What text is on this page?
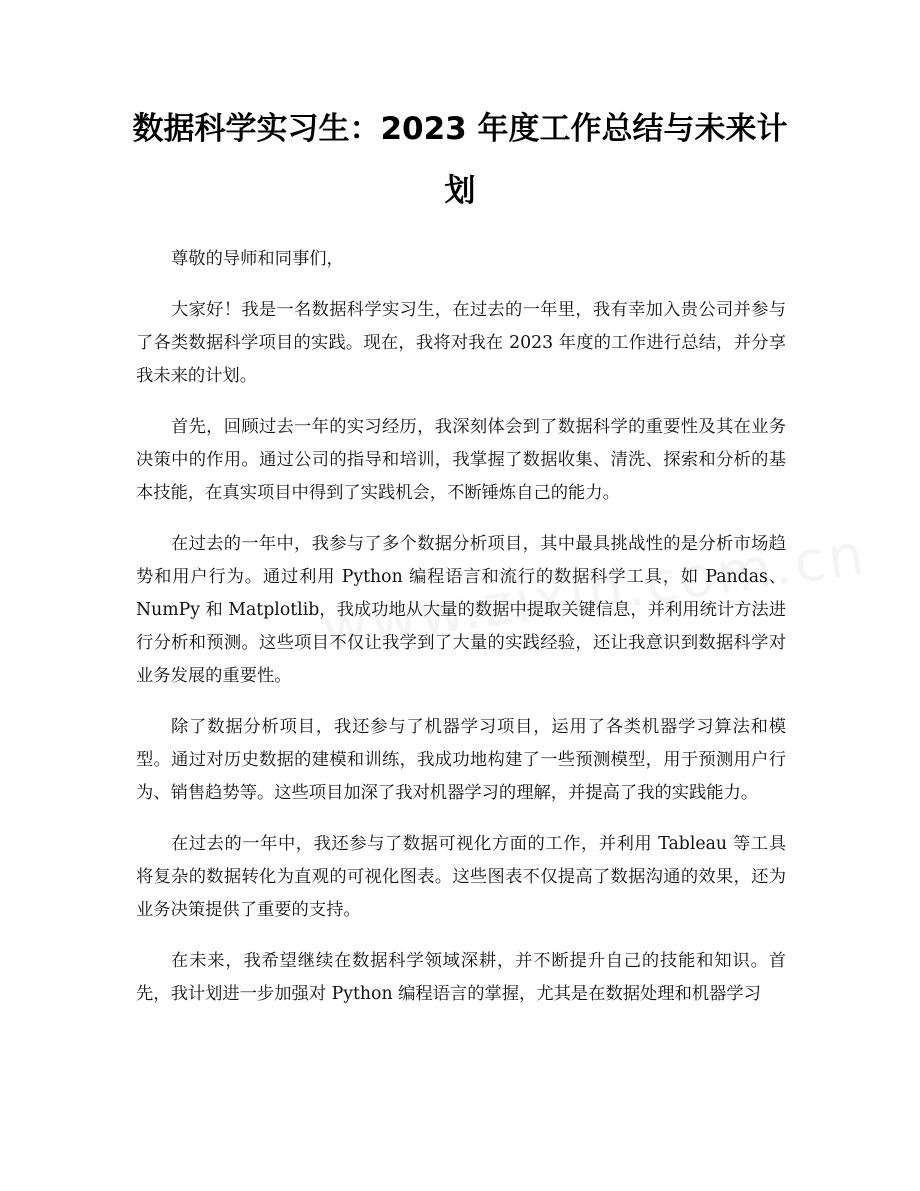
数据科学实习生：2023 年度工作总结与未来计划

尊敬的导师和同事们，

大家好！我是一名数据科学实习生，在过去的一年里，我有幸加入贵公司并参与了各类数据科学项目的实践。现在，我将对我在 2023 年度的工作进行总结，并分享我未来的计划。

首先，回顾过去一年的实习经历，我深刻体会到了数据科学的重要性及其在业务决策中的作用。通过公司的指导和培训，我掌握了数据收集、清洗、探索和分析的基本技能，在真实项目中得到了实践机会，不断锤炼自己的能力。

在过去的一年中，我参与了多个数据分析项目，其中最具挑战性的是分析市场趋势和用户行为。通过利用 Python 编程语言和流行的数据科学工具，如 Pandas、NumPy 和 Matplotlib，我成功地从大量的数据中提取关键信息，并利用统计方法进行分析和预测。这些项目不仅让我学到了大量的实践经验，还让我意识到数据科学对业务发展的重要性。

除了数据分析项目，我还参与了机器学习项目，运用了各类机器学习算法和模型。通过对历史数据的建模和训练，我成功地构建了一些预测模型，用于预测用户行为、销售趋势等。这些项目加深了我对机器学习的理解，并提高了我的实践能力。

在过去的一年中，我还参与了数据可视化方面的工作，并利用 Tableau 等工具将复杂的数据转化为直观的可视化图表。这些图表不仅提高了数据沟通的效果，还为业务决策提供了重要的支持。

在未来，我希望继续在数据科学领域深耕，并不断提升自己的技能和知识。首先，我计划进一步加强对 Python 编程语言的掌握，尤其是在数据处理和机器学习
